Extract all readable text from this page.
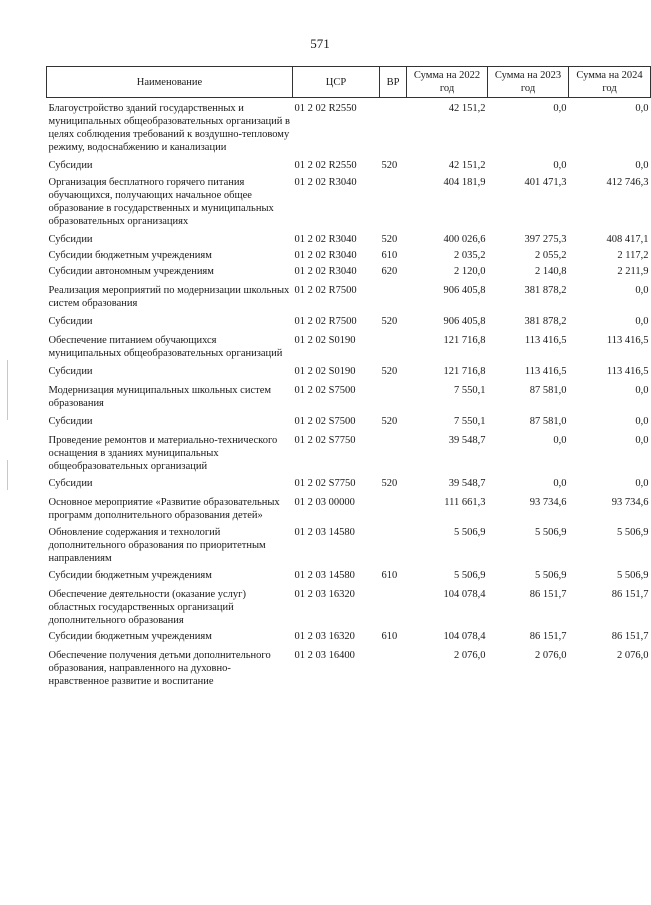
571
Наименование	ЦСР	ВР	Сумма на 2022 год	Сумма на 2023 год	Сумма на 2024 год
Благоустройство зданий государственных и муниципальных общеобразовательных организаций в целях соблюдения требований к воздушно-тепловому режиму, водоснабжению и канализации	01 2 02 R2550		42 151,2	0,0	0,0
Субсидии	01 2 02 R2550	520	42 151,2	0,0	0,0
Организация бесплатного горячего питания обучающихся, получающих начальное общее образование в государственных и муниципальных образовательных организациях	01 2 02 R3040		404 181,9	401 471,3	412 746,3
Субсидии	01 2 02 R3040	520	400 026,6	397 275,3	408 417,1
Субсидии бюджетным учреждениям	01 2 02 R3040	610	2 035,2	2 055,2	2 117,2
Субсидии автономным учреждениям	01 2 02 R3040	620	2 120,0	2 140,8	2 211,9
Реализация мероприятий по модернизации школьных систем образования	01 2 02 R7500		906 405,8	381 878,2	0,0
Субсидии	01 2 02 R7500	520	906 405,8	381 878,2	0,0
Обеспечение питанием обучающихся муниципальных общеобразовательных организаций	01 2 02 S0190		121 716,8	113 416,5	113 416,5
Субсидии	01 2 02 S0190	520	121 716,8	113 416,5	113 416,5
Модернизация муниципальных школьных систем образования	01 2 02 S7500		7 550,1	87 581,0	0,0
Субсидии	01 2 02 S7500	520	7 550,1	87 581,0	0,0
Проведение ремонтов и материально-технического оснащения в зданиях муниципальных общеобразовательных организаций	01 2 02 S7750		39 548,7	0,0	0,0
Субсидии	01 2 02 S7750	520	39 548,7	0,0	0,0
Основное мероприятие «Развитие образовательных программ дополнительного образования детей»	01 2 03 00000		111 661,3	93 734,6	93 734,6
Обновление содержания и технологий дополнительного образования по приоритетным направлениям	01 2 03 14580		5 506,9	5 506,9	5 506,9
Субсидии бюджетным учреждениям	01 2 03 14580	610	5 506,9	5 506,9	5 506,9
Обеспечение деятельности (оказание услуг) областных государственных организаций дополнительного образования	01 2 03 16320		104 078,4	86 151,7	86 151,7
Субсидии бюджетным учреждениям	01 2 03 16320	610	104 078,4	86 151,7	86 151,7
Обеспечение получения детьми дополнительного образования, направленного на духовно-нравственное развитие и воспитание	01 2 03 16400		2 076,0	2 076,0	2 076,0
